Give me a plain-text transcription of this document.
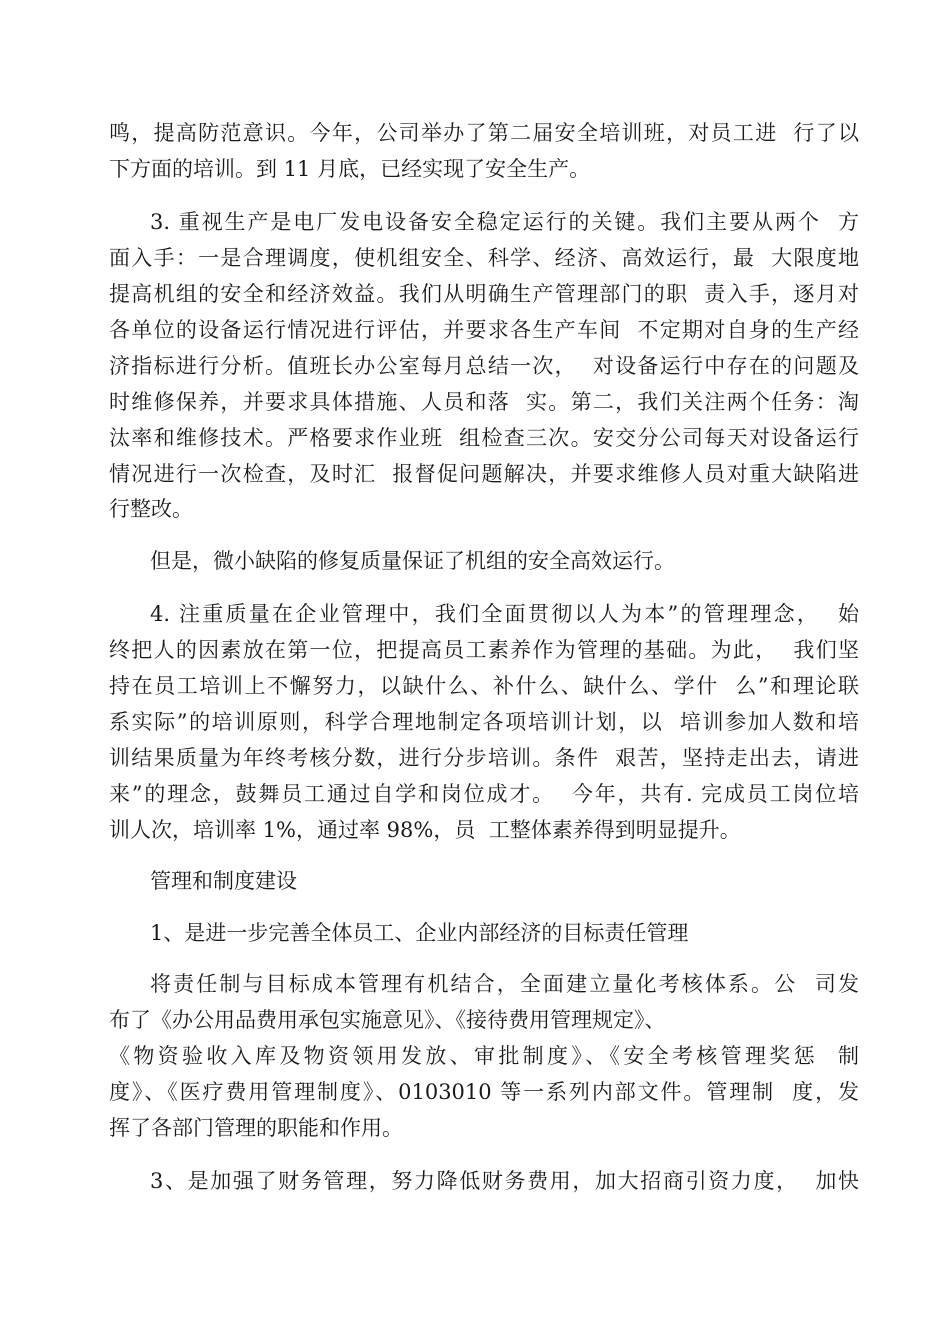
鸣，提高防范意识。今年，公司举办了第二届安全培训班，对员工进  行了以
下方面的培训。到 11 月底，已经实现了安全生产。
3. 重视生产是电厂发电设备安全稳定运行的关键。我们主要从两个  方
面入手：一是合理调度，使机组安全、科学、经济、高效运行，最  大限度地
提高机组的安全和经济效益。我们从明确生产管理部门的职  责入手，逐月对
各单位的设备运行情况进行评估，并要求各生产车间  不定期对自身的生产经
济指标进行分析。值班长办公室每月总结一次，  对设备运行中存在的问题及
时维修保养，并要求具体措施、人员和落  实。第二，我们关注两个任务：淘
汰率和维修技术。严格要求作业班  组检查三次。安交分公司每天对设备运行
情况进行一次检查，及时汇  报督促问题解决，并要求维修人员对重大缺陷进
行整改。
但是，微小缺陷的修复质量保证了机组的安全高效运行。
4. 注重质量在企业管理中，我们全面贯彻以人为本”的管理理念，  始
终把人的因素放在第一位，把提高员工素养作为管理的基础。为此，  我们坚
持在员工培训上不懈努力，以缺什么、补什么、缺什么、学什  么”和理论联
系实际”的培训原则，科学合理地制定各项培训计划，以  培训参加人数和培
训结果质量为年终考核分数，进行分步培训。条件  艰苦，坚持走出去，请进
来”的理念，鼓舞员工通过自学和岗位成才。  今年，共有. 完成员工岗位培
训人次，培训率 1%，通过率 98%，员  工整体素养得到明显提升。
管理和制度建设
1、是进一步完善全体员工、企业内部经济的目标责任管理
将责任制与目标成本管理有机结合，全面建立量化考核体系。公  司发
布了《办公用品费用承包实施意见》、《接待费用管理规定》、
《物资验收入库及物资领用发放、审批制度》、《安全考核管理奖惩  制
度》、《医疗费用管理制度》、0103010 等一系列内部文件。管理制  度，发
挥了各部门管理的职能和作用。
3、是加强了财务管理，努力降低财务费用，加大招商引资力度，  加快
